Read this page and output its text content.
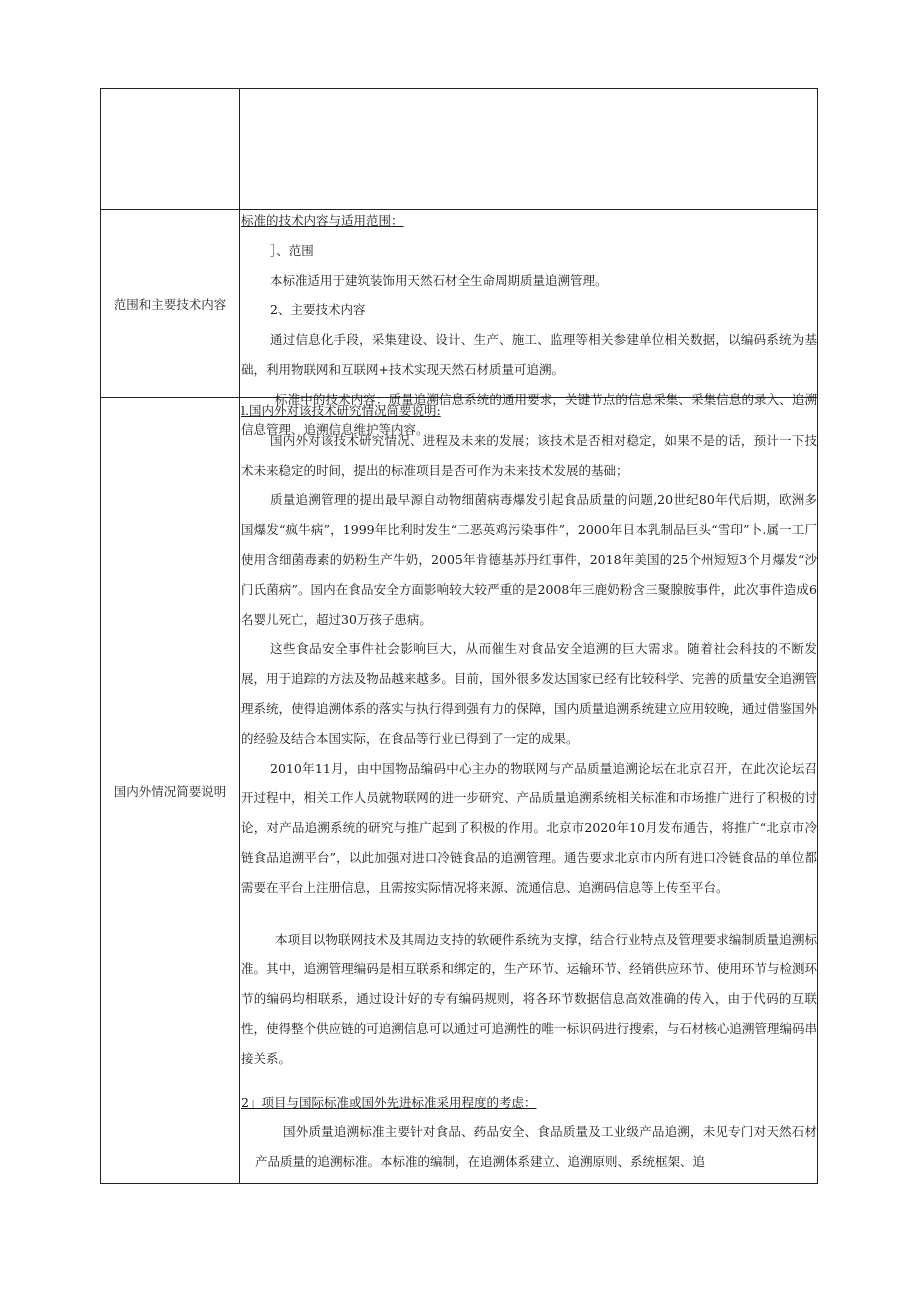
范围和主要技术内容

标准的技术内容与适用范围：

］、范围

本标准适用于建筑装饰用天然石材全生命周期质量追溯管理。

2、主要技术内容

通过信息化手段，采集建设、设计、生产、施工、监理等相关参建单位相关数据，以编码系统为基础，利用物联网和互联网+技术实现天然石材质量可追溯。

标准中的技术内容：质量追溯信息系统的通用要求，关键节点的信息采集、采集信息的录入、追溯信息管理、追溯信息维护等内容。

国内外情况简要说明

l.国内外对该技术研究情况简要说明:

国内外对该技术研究情况、进程及未来的发展；该技术是否相对稳定，如果不是的话，预计一下技术未来稳定的时间，提出的标准项目是否可作为未来技术发展的基础；

质量追溯管理的提出最早源自动物细菌病毒爆发引起食品质量的问题,20世纪80年代后期，欧洲多国爆发“疯牛病”，1999年比利时发生“二恶英鸡污染事件”，2000年日本乳制品巨头“雪印”卜.属一工厂使用含细菌毒素的奶粉生产牛奶，2005年肯德基苏丹红事件，2018年美国的25个州短短3个月爆发“沙门氏菌病”。国内在食品安全方面影响较大较严重的是2008年三鹿奶粉含三聚腺胺事件，此次事件造成6名婴儿死亡，超过30万孩子患病。

这些食品安全事件社会影响巨大，从而催生对食品安全追溯的巨大需求。随着社会科技的不断发展，用于追踪的方法及物品越来越多。目前，国外很多发达国家已经有比较科学、完善的质量安全追溯管理系统，使得追溯体系的落实与执行得到强有力的保障，国内质量追溯系统建立应用较晚，通过借鉴国外的经验及结合本国实际，在食品等行业已得到了一定的成果。

2010年11月，由中国物品编码中心主办的物联网与产品质量追溯论坛在北京召开，在此次论坛召开过程中，相关工作人员就物联网的进一步研究、产品质量追溯系统相关标准和市场推广进行了积极的讨论，对产品追溯系统的研究与推广起到了积极的作用。北京市2020年10月发布通告，将推广“北京市冷链食品追溯平台”，以此加强对进口冷链食品的追溯管理。通告要求北京市内所有进口冷链食品的单位都需要在平台上注册信息，且需按实际情况将来源、流通信息、追溯码信息等上传至平台。

本项目以物联网技术及其周边支持的软硬件系统为支撑，结合行业特点及管理要求编制质量追溯标准。其中，追溯管理编码是相互联系和绑定的，生产环节、运输环节、经销供应环节、使用环节与检测环节的编码均相联系，通过设计好的专有编码规则，将各环节数据信息高效准确的传入，由于代码的互联性，使得整个供应链的可追溯信息可以通过可追溯性的唯一标识码进行搜索，与石材核心追溯管理编码串接关系。

2」项目与国际标准或国外先进标准采用程度的考虑：

国外质量追溯标准主要针对食品、药品安全、食品质量及工业级产品追溯，未见专门对天然石材产品质量的追溯标准。本标准的编制，在追溯体系建立、追溯原则、系统框架、追
